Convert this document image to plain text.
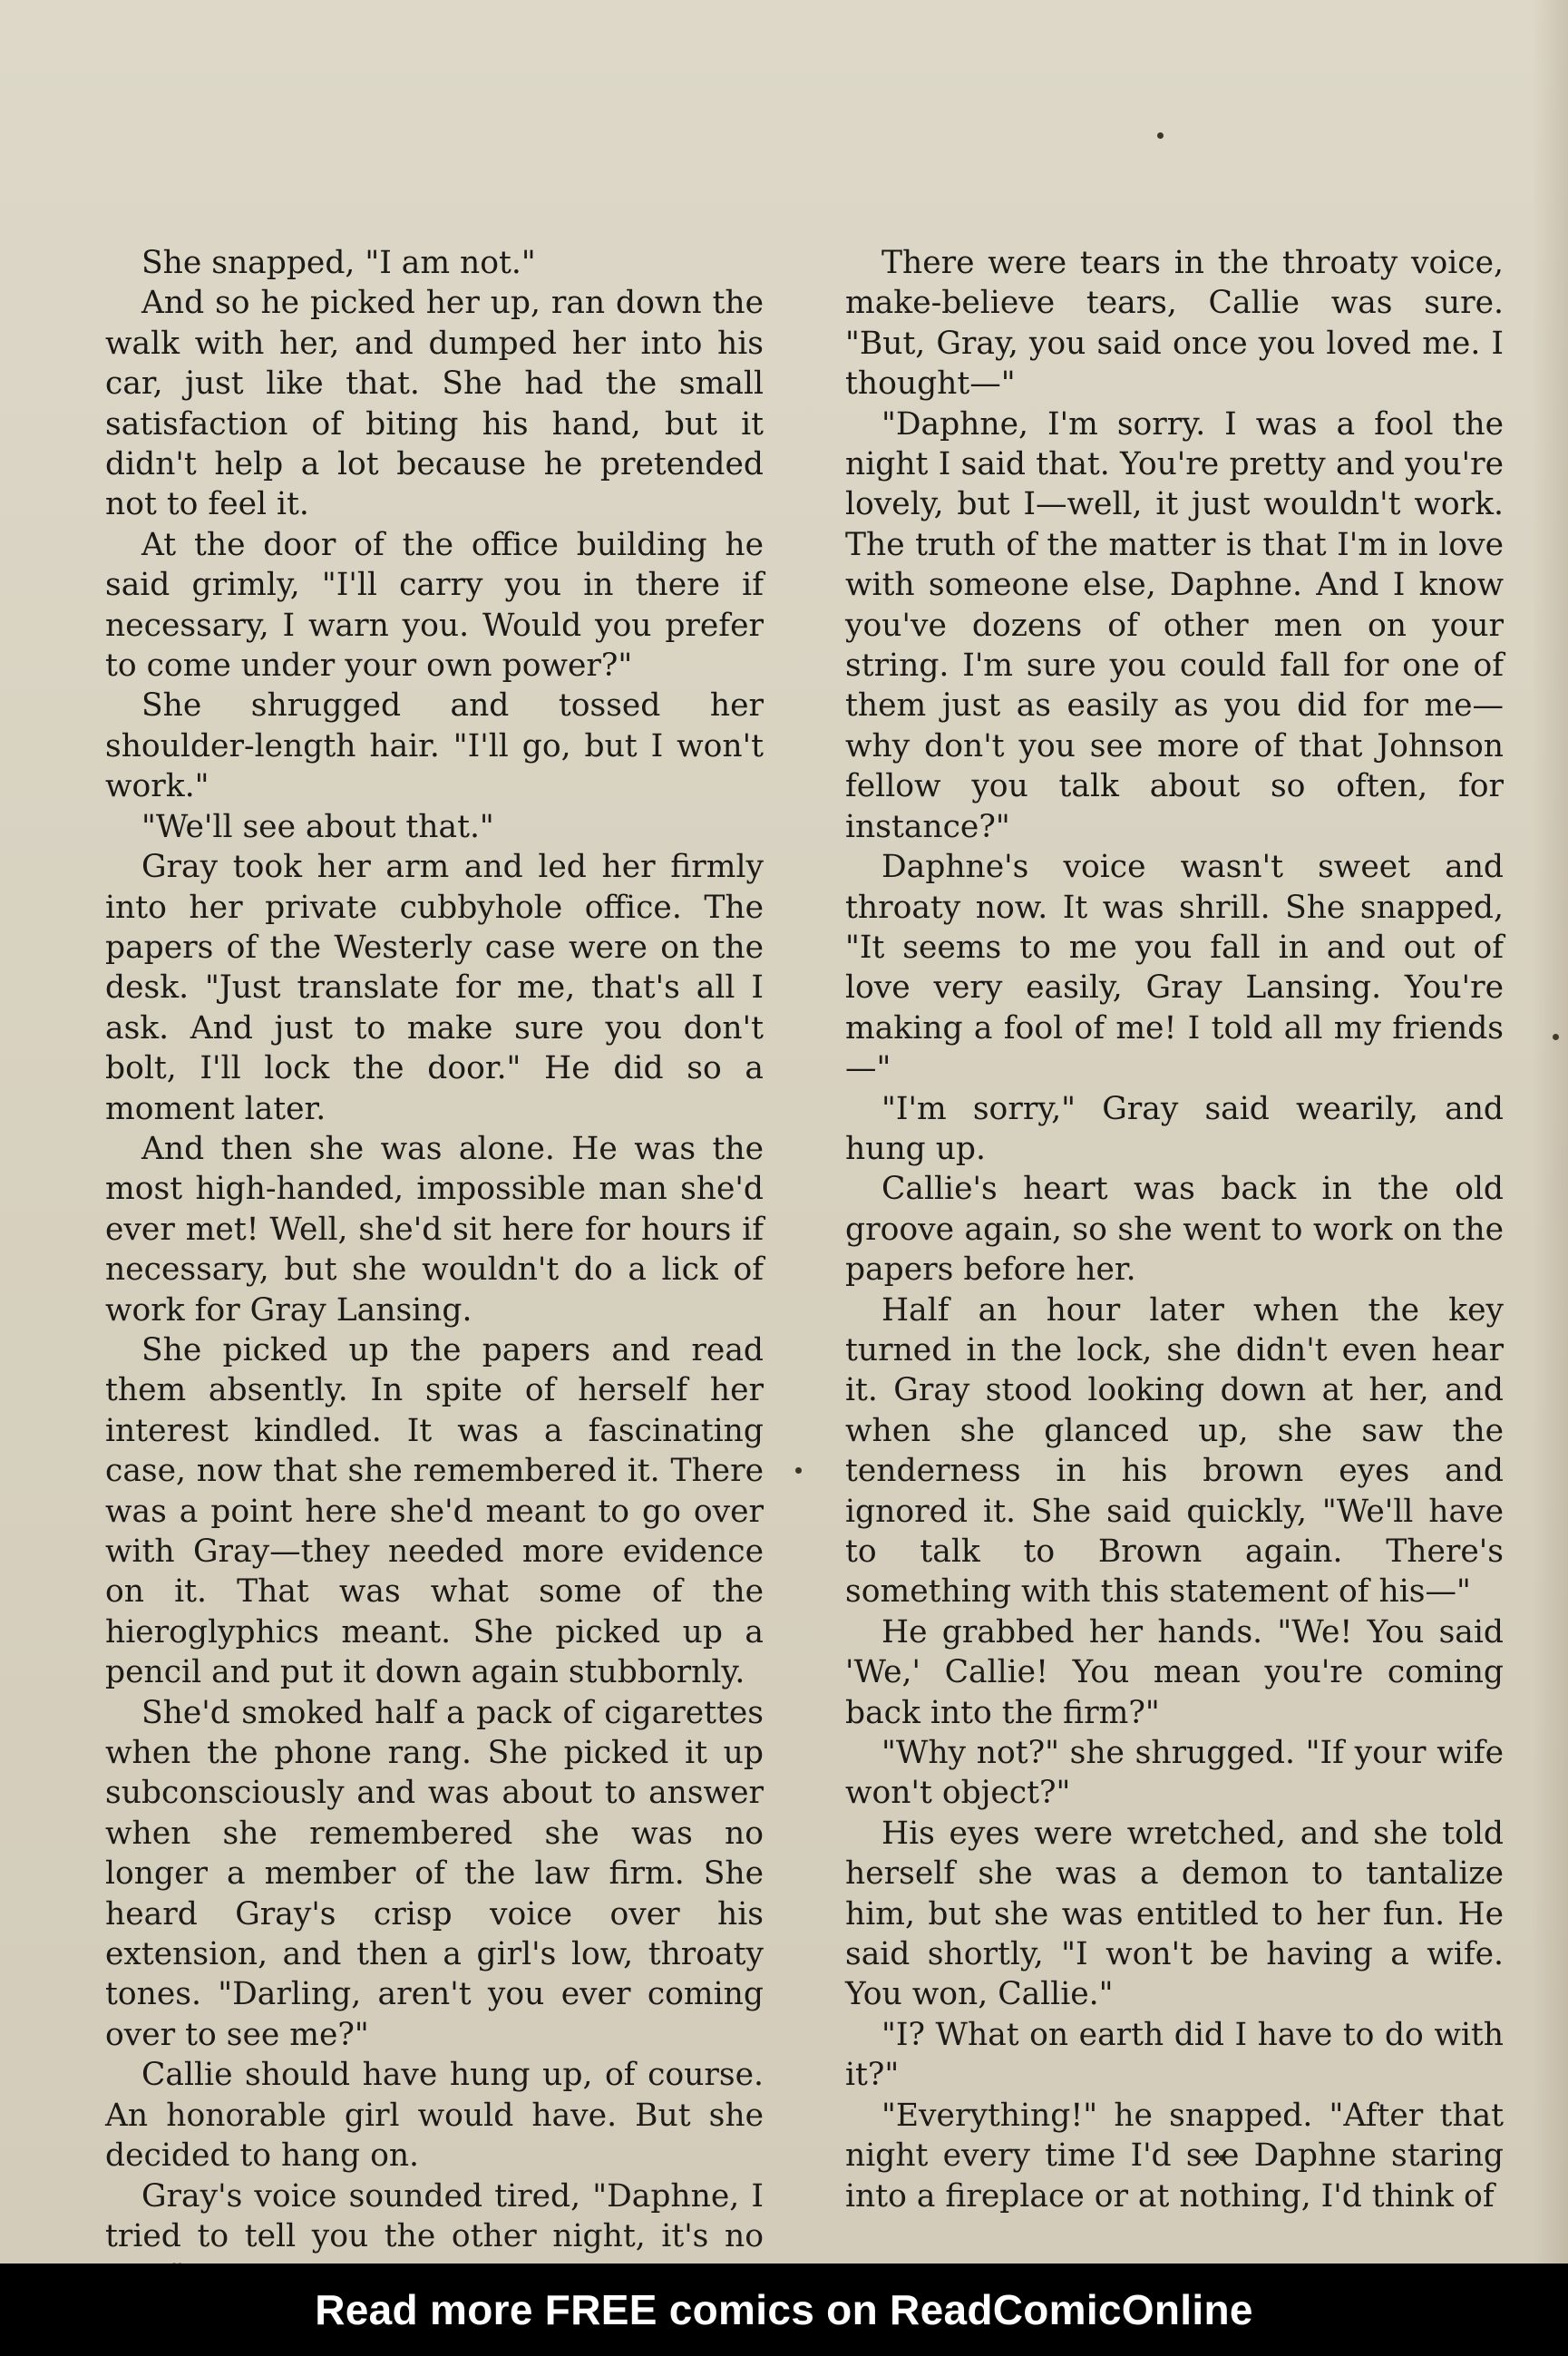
She snapped, "I am not."

And so he picked her up, ran down the walk with her, and dumped her into his car, just like that. She had the small satisfaction of biting his hand, but it didn't help a lot because he pretended not to feel it.

At the door of the office building he said grimly, "I'll carry you in there if necessary, I warn you. Would you prefer to come under your own power?"

She shrugged and tossed her shoulder-length hair. "I'll go, but I won't work."

"We'll see about that."

Gray took her arm and led her firmly into her private cubbyhole office. The papers of the Westerly case were on the desk. "Just translate for me, that's all I ask. And just to make sure you don't bolt, I'll lock the door." He did so a moment later.

And then she was alone. He was the most high-handed, impossible man she'd ever met! Well, she'd sit here for hours if necessary, but she wouldn't do a lick of work for Gray Lansing.

She picked up the papers and read them absently. In spite of herself her interest kindled. It was a fascinating case, now that she remembered it. There was a point here she'd meant to go over with Gray—they needed more evidence on it. That was what some of the hieroglyphics meant. She picked up a pencil and put it down again stubbornly.

She'd smoked half a pack of cigarettes when the phone rang. She picked it up subconsciously and was about to answer when she remembered she was no longer a member of the law firm. She heard Gray's crisp voice over his extension, and then a girl's low, throaty tones. "Darling, aren't you ever coming over to see me?"

Callie should have hung up, of course. An honorable girl would have. But she decided to hang on.

Gray's voice sounded tired, "Daphne, I tried to tell you the other night, it's no

There were tears in the throaty voice, make-believe tears, Callie was sure. "But, Gray, you said once you loved me. I thought—"

"Daphne, I'm sorry. I was a fool the night I said that. You're pretty and you're lovely, but I—well, it just wouldn't work. The truth of the matter is that I'm in love with someone else, Daphne. And I know you've dozens of other men on your string. I'm sure you could fall for one of them just as easily as you did for me—why don't you see more of that Johnson fellow you talk about so often, for instance?"

Daphne's voice wasn't sweet and throaty now. It was shrill. She snapped, "It seems to me you fall in and out of love very easily, Gray Lansing. You're making a fool of me! I told all my friends—"

"I'm sorry," Gray said wearily, and hung up.

Callie's heart was back in the old groove again, so she went to work on the papers before her.

Half an hour later when the key turned in the lock, she didn't even hear it. Gray stood looking down at her, and when she glanced up, she saw the tenderness in his brown eyes and ignored it. She said quickly, "We'll have to talk to Brown again. There's something with this statement of his—"

He grabbed her hands. "We! You said 'We,' Callie! You mean you're coming back into the firm?"

"Why not?" she shrugged. "If your wife won't object?"

His eyes were wretched, and she told herself she was a demon to tantalize him, but she was entitled to her fun. He said shortly, "I won't be having a wife. You won, Callie."

"I? What on earth did I have to do with it?"

"Everything!" he snapped. "After that night every time I'd see Daphne staring into a fireplace or at nothing, I'd think of

Read more FREE comics on ReadComicOnline
